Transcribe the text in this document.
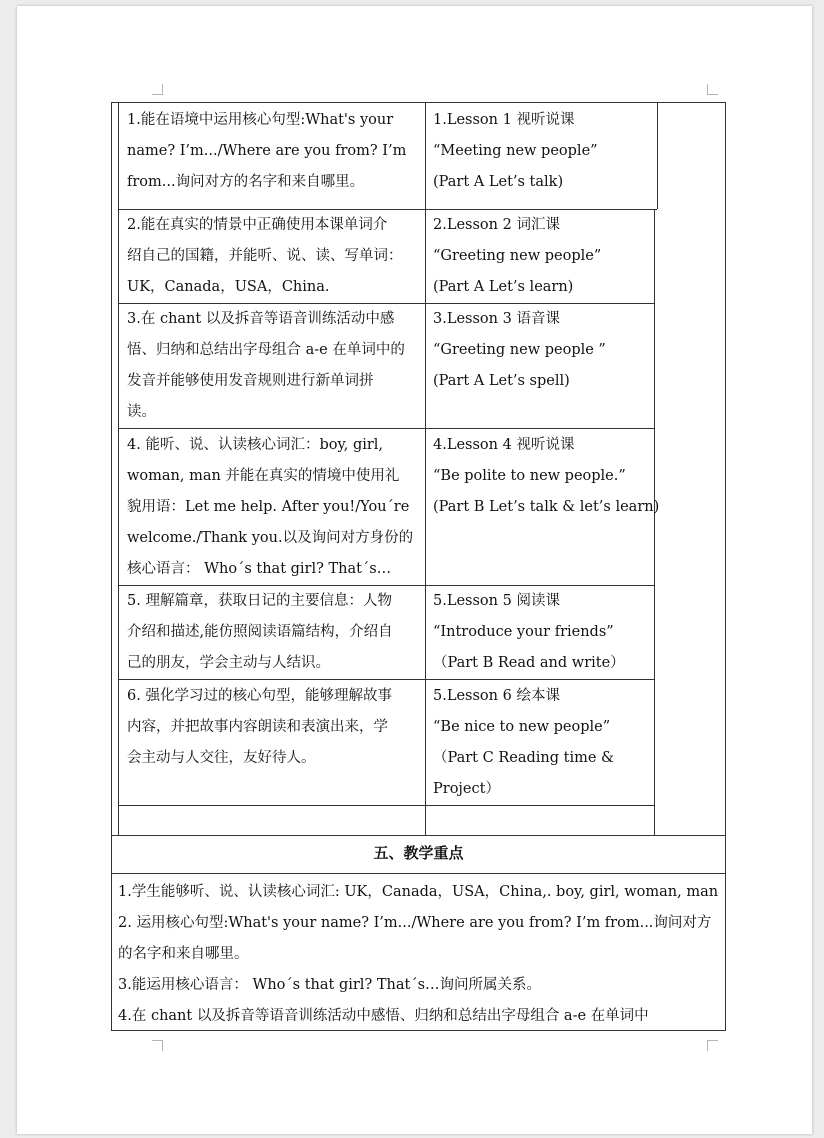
1.能在语境中运用核心句型:What's your

name? I’m.../Where are you from? I’m

from...询问对方的名字和来自哪里。

1.Lesson 1 视听说课

“Meeting new people”

(Part A Let’s talk)

2.能在真实的情景中正确使用本课单词介

绍自己的国籍，并能听、说、读、写单词：

UK，Canada，USA，China.

2.Lesson 2 词汇课

“Greeting new people”

(Part A Let’s learn)

3.在 chant 以及拆音等语音训练活动中感

悟、归纳和总结出字母组合 a-e 在单词中的

发音并能够使用发音规则进行新单词拼

读。

3.Lesson 3 语音课

“Greeting new people ”

(Part A Let’s spell)

4. 能听、说、认读核心词汇：boy, girl,

woman, man 并能在真实的情境中使用礼

貌用语：Let me help. After you!/You΄re

welcome./Thank you.以及询问对方身份的

核心语言： Who΄s that girl? That΄s…

4.Lesson 4 视听说课

“Be polite to new people.”

(Part B Let’s talk & let’s learn)

5. 理解篇章，获取日记的主要信息：人物

介绍和描述,能仿照阅读语篇结构，介绍自

己的朋友，学会主动与人结识。

5.Lesson 5 阅读课

“Introduce your friends”

（Part B Read and write）

6. 强化学习过的核心句型，能够理解故事

内容，并把故事内容朗读和表演出来，学

会主动与人交往，友好待人。

5.Lesson 6 绘本课

“Be nice to new people”

（Part C Reading time &

Project）

五、教学重点

1.学生能够听、说、认读核心词汇: UK，Canada，USA，China,. boy, girl, woman, man

2. 运用核心句型:What's your name? I’m.../Where are you from? I’m from...询问对方

的名字和来自哪里。

3.能运用核心语言： Who΄s that girl? That΄s…询问所属关系。

4.在 chant 以及拆音等语音训练活动中感悟、归纳和总结出字母组合 a-e 在单词中
